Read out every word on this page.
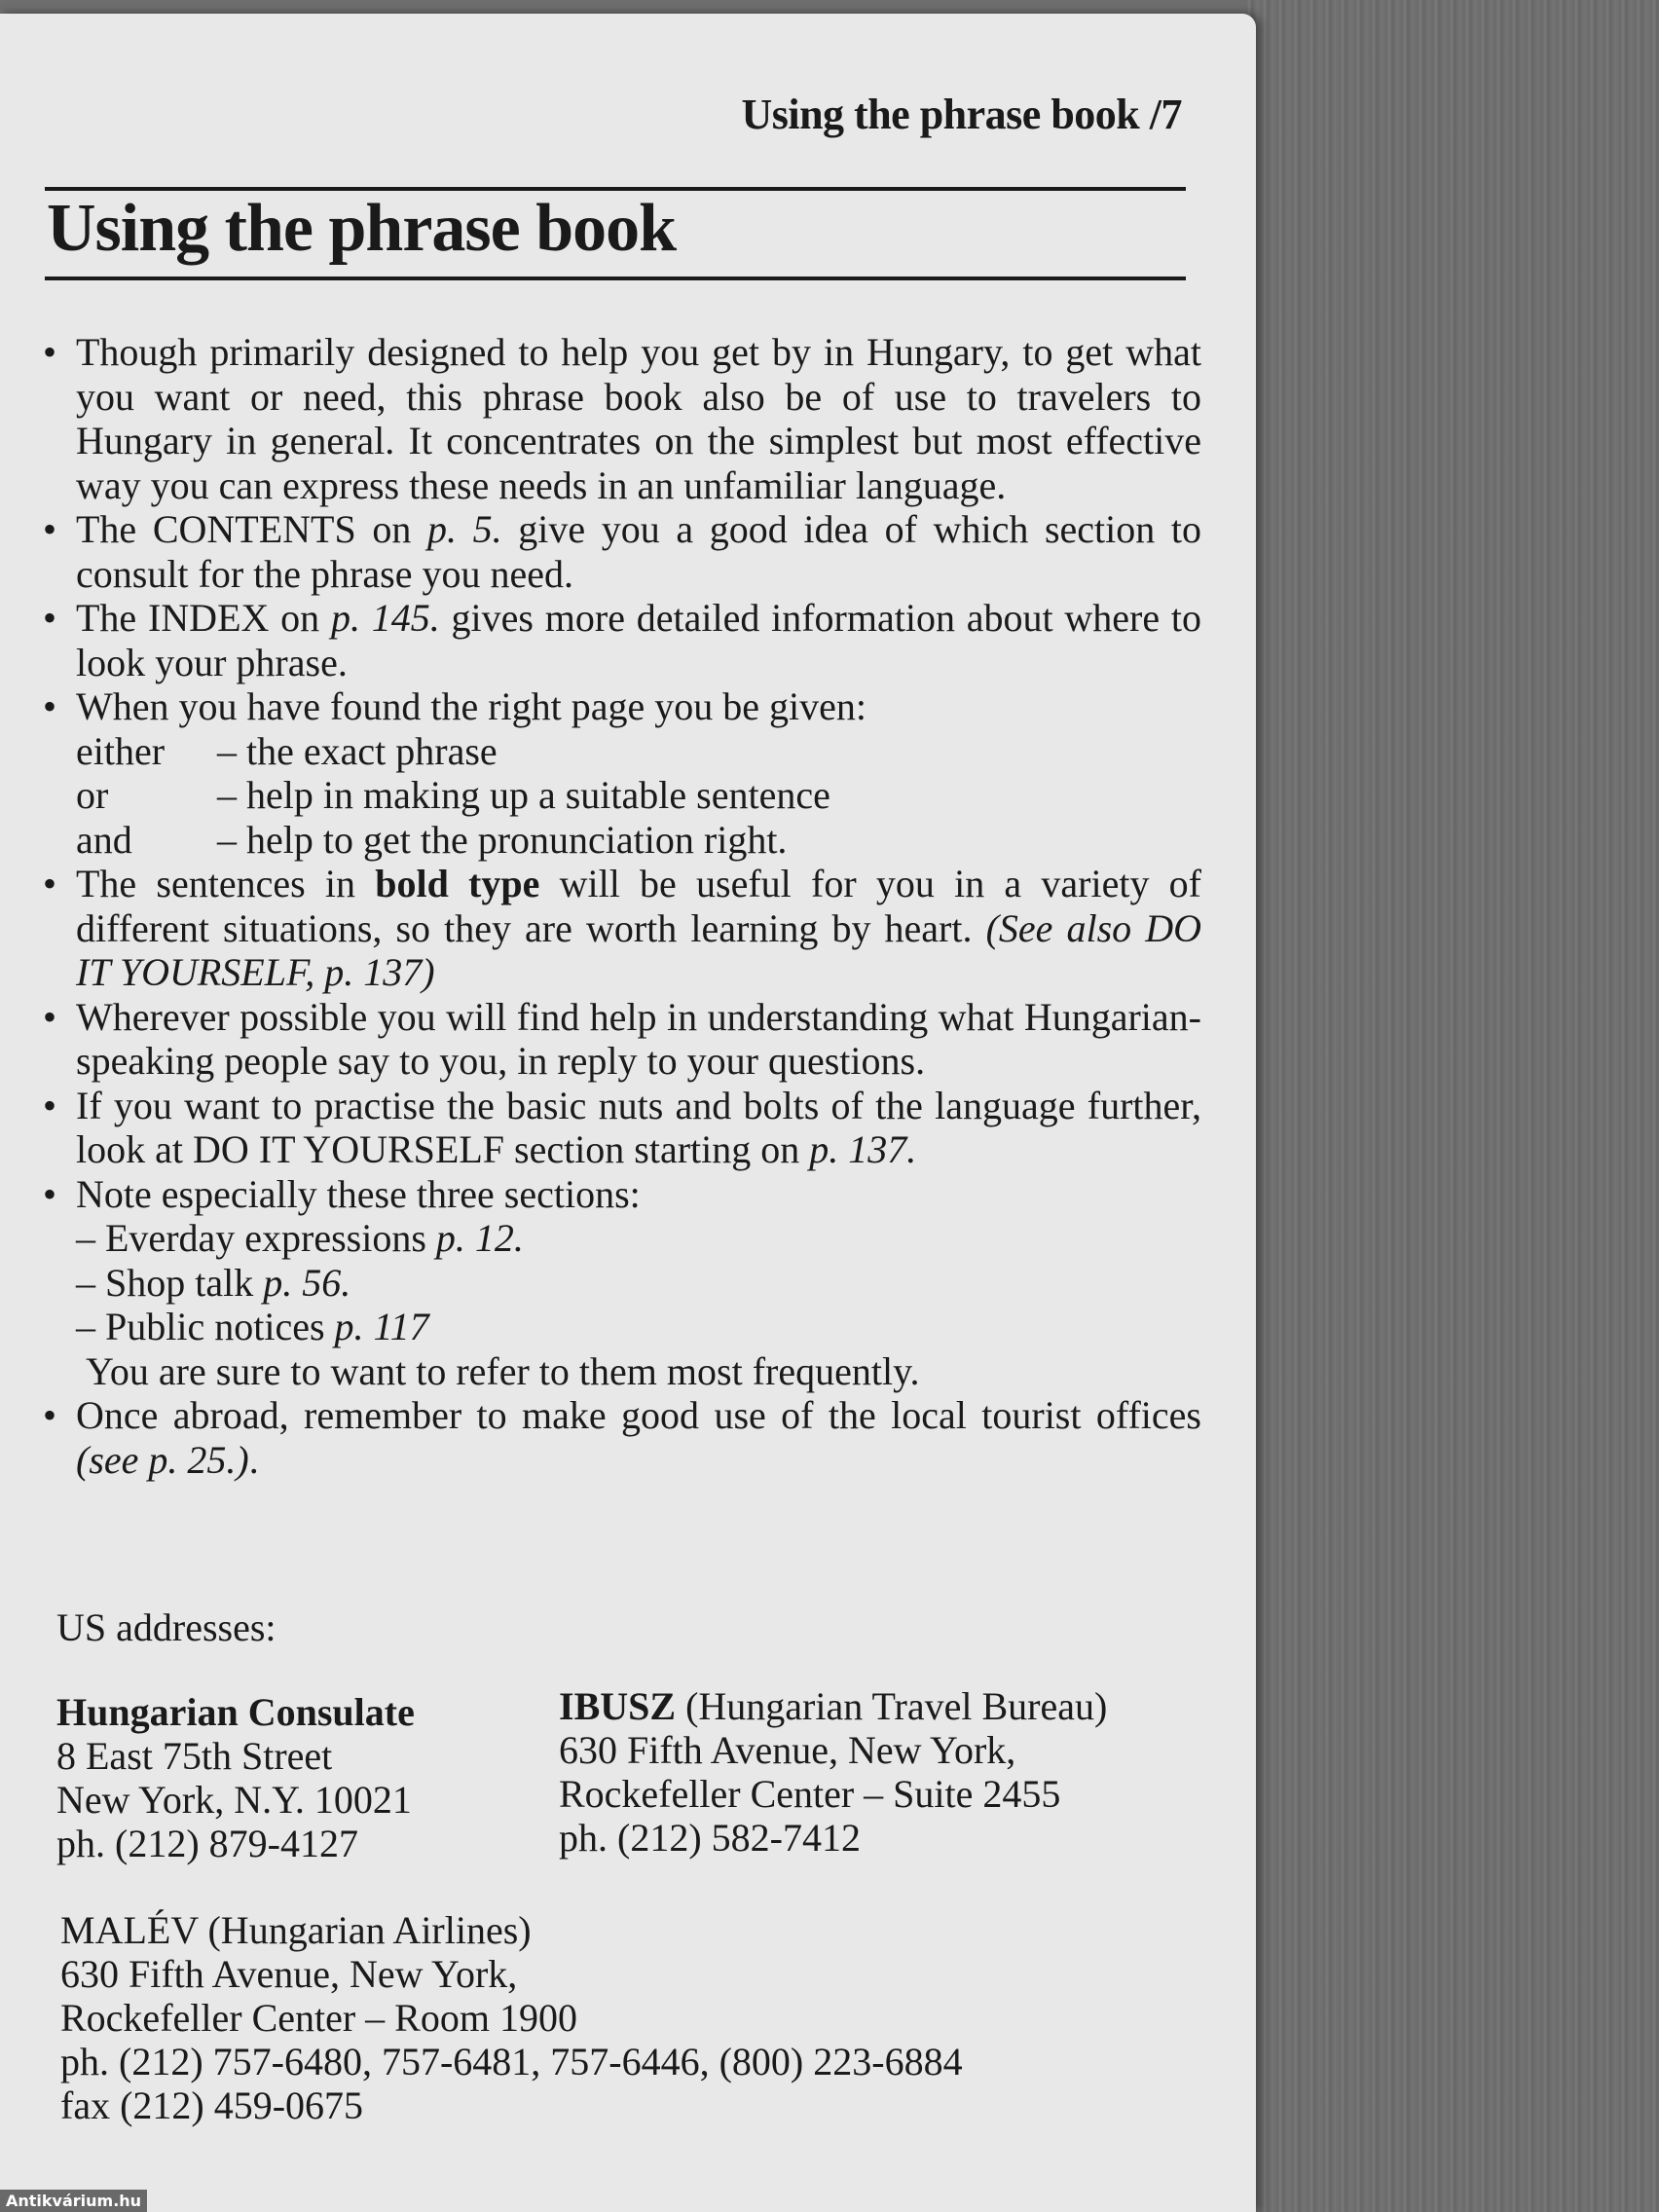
Using the phrase book /7
Using the phrase book
• Though primarily designed to help you get by in Hungary, to get what you want or need, this phrase book also be of use to travelers to Hungary in general. It concentrates on the simplest but most effective way you can express these needs in an unfamiliar language.
• The CONTENTS on p. 5. give you a good idea of which section to consult for the phrase you need.
• The INDEX on p. 145. gives more detailed information about where to look your phrase.
• When you have found the right page you be given:
either	– the exact phrase
or	– help in making up a suitable sentence
and	– help to get the pronunciation right.
• The sentences in bold type will be useful for you in a variety of different situations, so they are worth learning by heart. (See also DO IT YOURSELF, p. 137)
• Wherever possible you will find help in understanding what Hungarian-speaking people say to you, in reply to your questions.
• If you want to practise the basic nuts and bolts of the language further, look at DO IT YOURSELF section starting on p. 137.
• Note especially these three sections:
– Everday expressions p. 12.
– Shop talk p. 56.
– Public notices p. 117
You are sure to want to refer to them most frequently.
• Once abroad, remember to make good use of the local tourist offices (see p. 25.).
US addresses:
Hungarian Consulate
8 East 75th Street
New York, N.Y. 10021
ph. (212) 879-4127
IBUSZ (Hungarian Travel Bureau)
630 Fifth Avenue, New York,
Rockefeller Center – Suite 2455
ph. (212) 582-7412
MALÉV (Hungarian Airlines)
630 Fifth Avenue, New York,
Rockefeller Center – Room 1900
ph. (212) 757-6480, 757-6481, 757-6446, (800) 223-6884
fax (212) 459-0675
Antikvárium.hu
